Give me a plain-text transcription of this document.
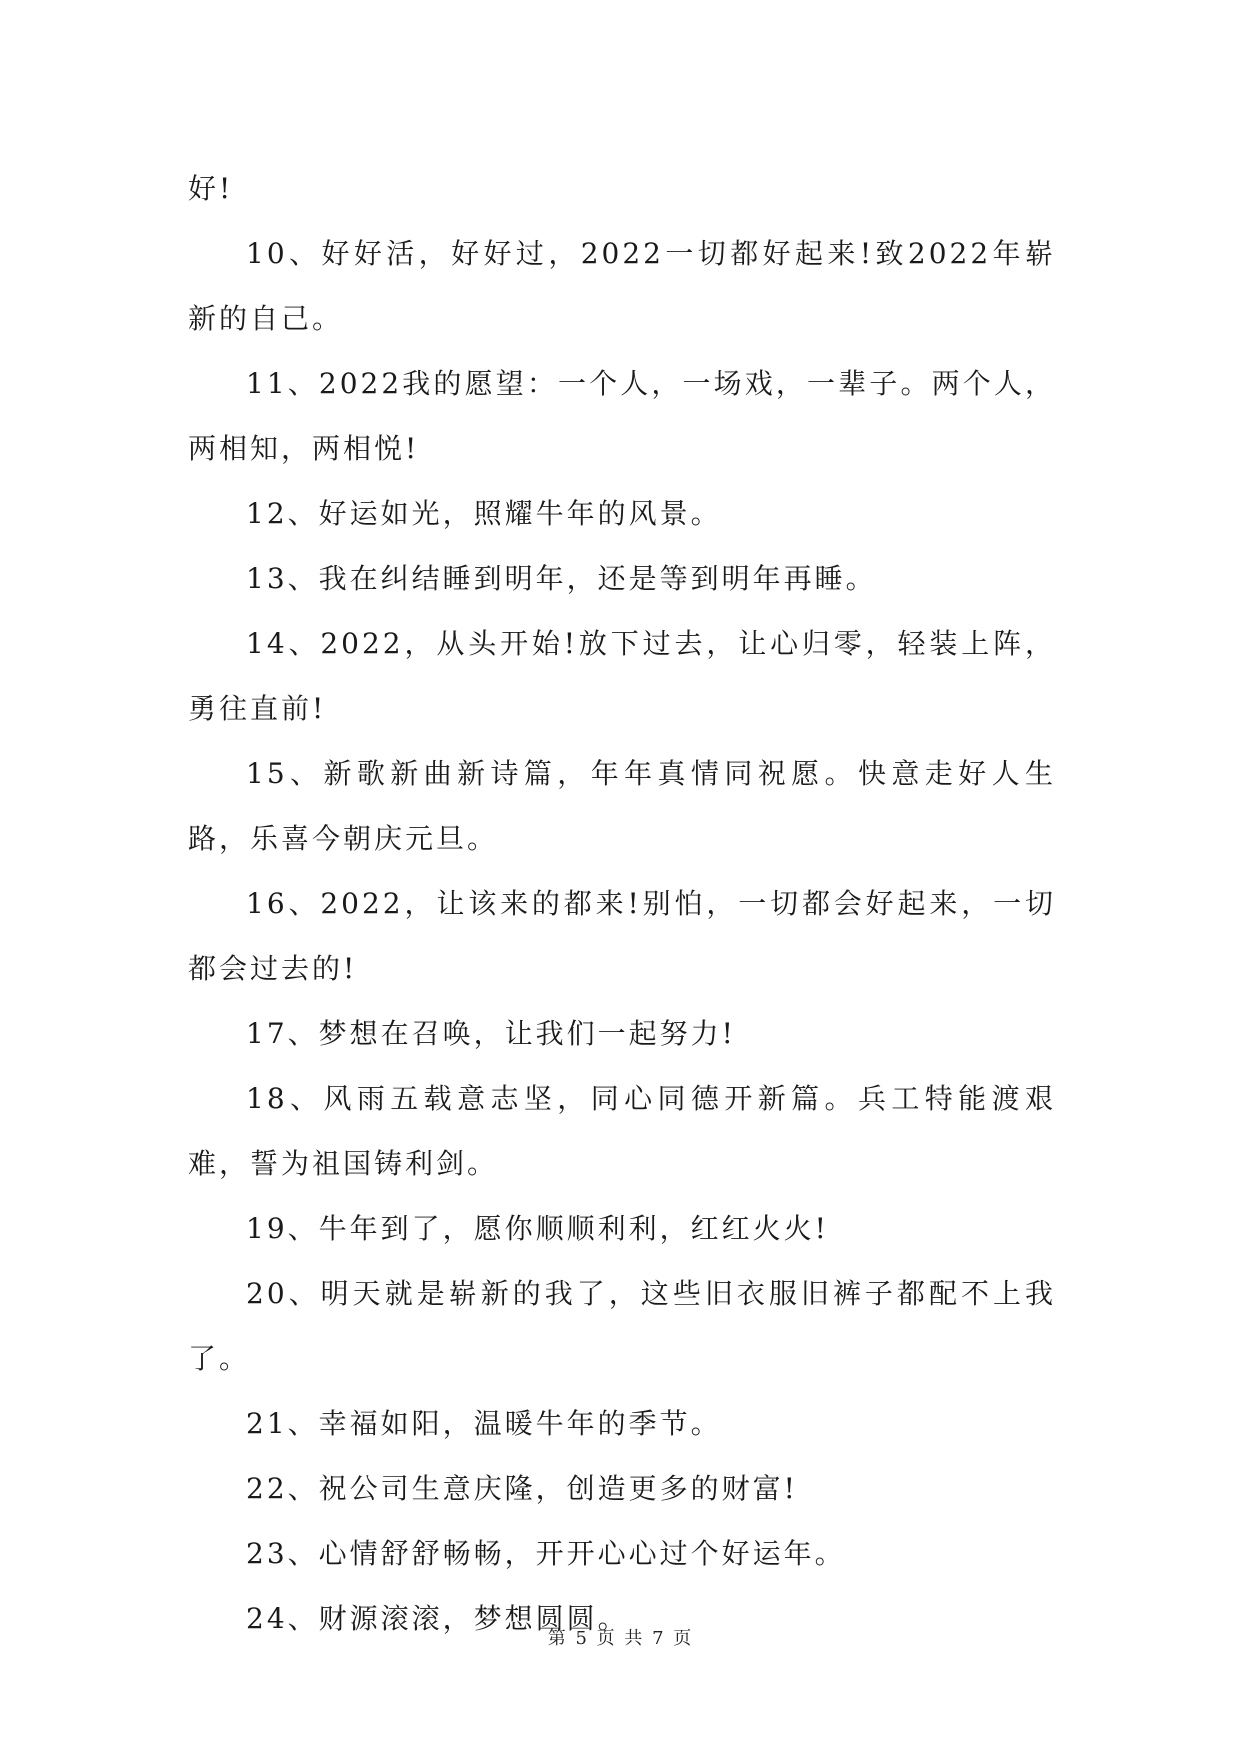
好!

10、好好活，好好过，2022一切都好起来!致2022年崭新的自己。

11、2022我的愿望：一个人，一场戏，一辈子。两个人，两相知，两相悦!

12、好运如光，照耀牛年的风景。

13、我在纠结睡到明年，还是等到明年再睡。

14、2022，从头开始!放下过去，让心归零，轻装上阵，勇往直前!

15、新歌新曲新诗篇，年年真情同祝愿。快意走好人生路，乐喜今朝庆元旦。

16、2022，让该来的都来!别怕，一切都会好起来，一切都会过去的!

17、梦想在召唤，让我们一起努力!

18、风雨五载意志坚，同心同德开新篇。兵工特能渡艰难，誓为祖国铸利剑。

19、牛年到了，愿你顺顺利利，红红火火!

20、明天就是崭新的我了，这些旧衣服旧裤子都配不上我了。

21、幸福如阳，温暖牛年的季节。

22、祝公司生意庆隆，创造更多的财富!

23、心情舒舒畅畅，开开心心过个好运年。

24、财源滚滚，梦想圆圆。

第 5 页 共 7 页
